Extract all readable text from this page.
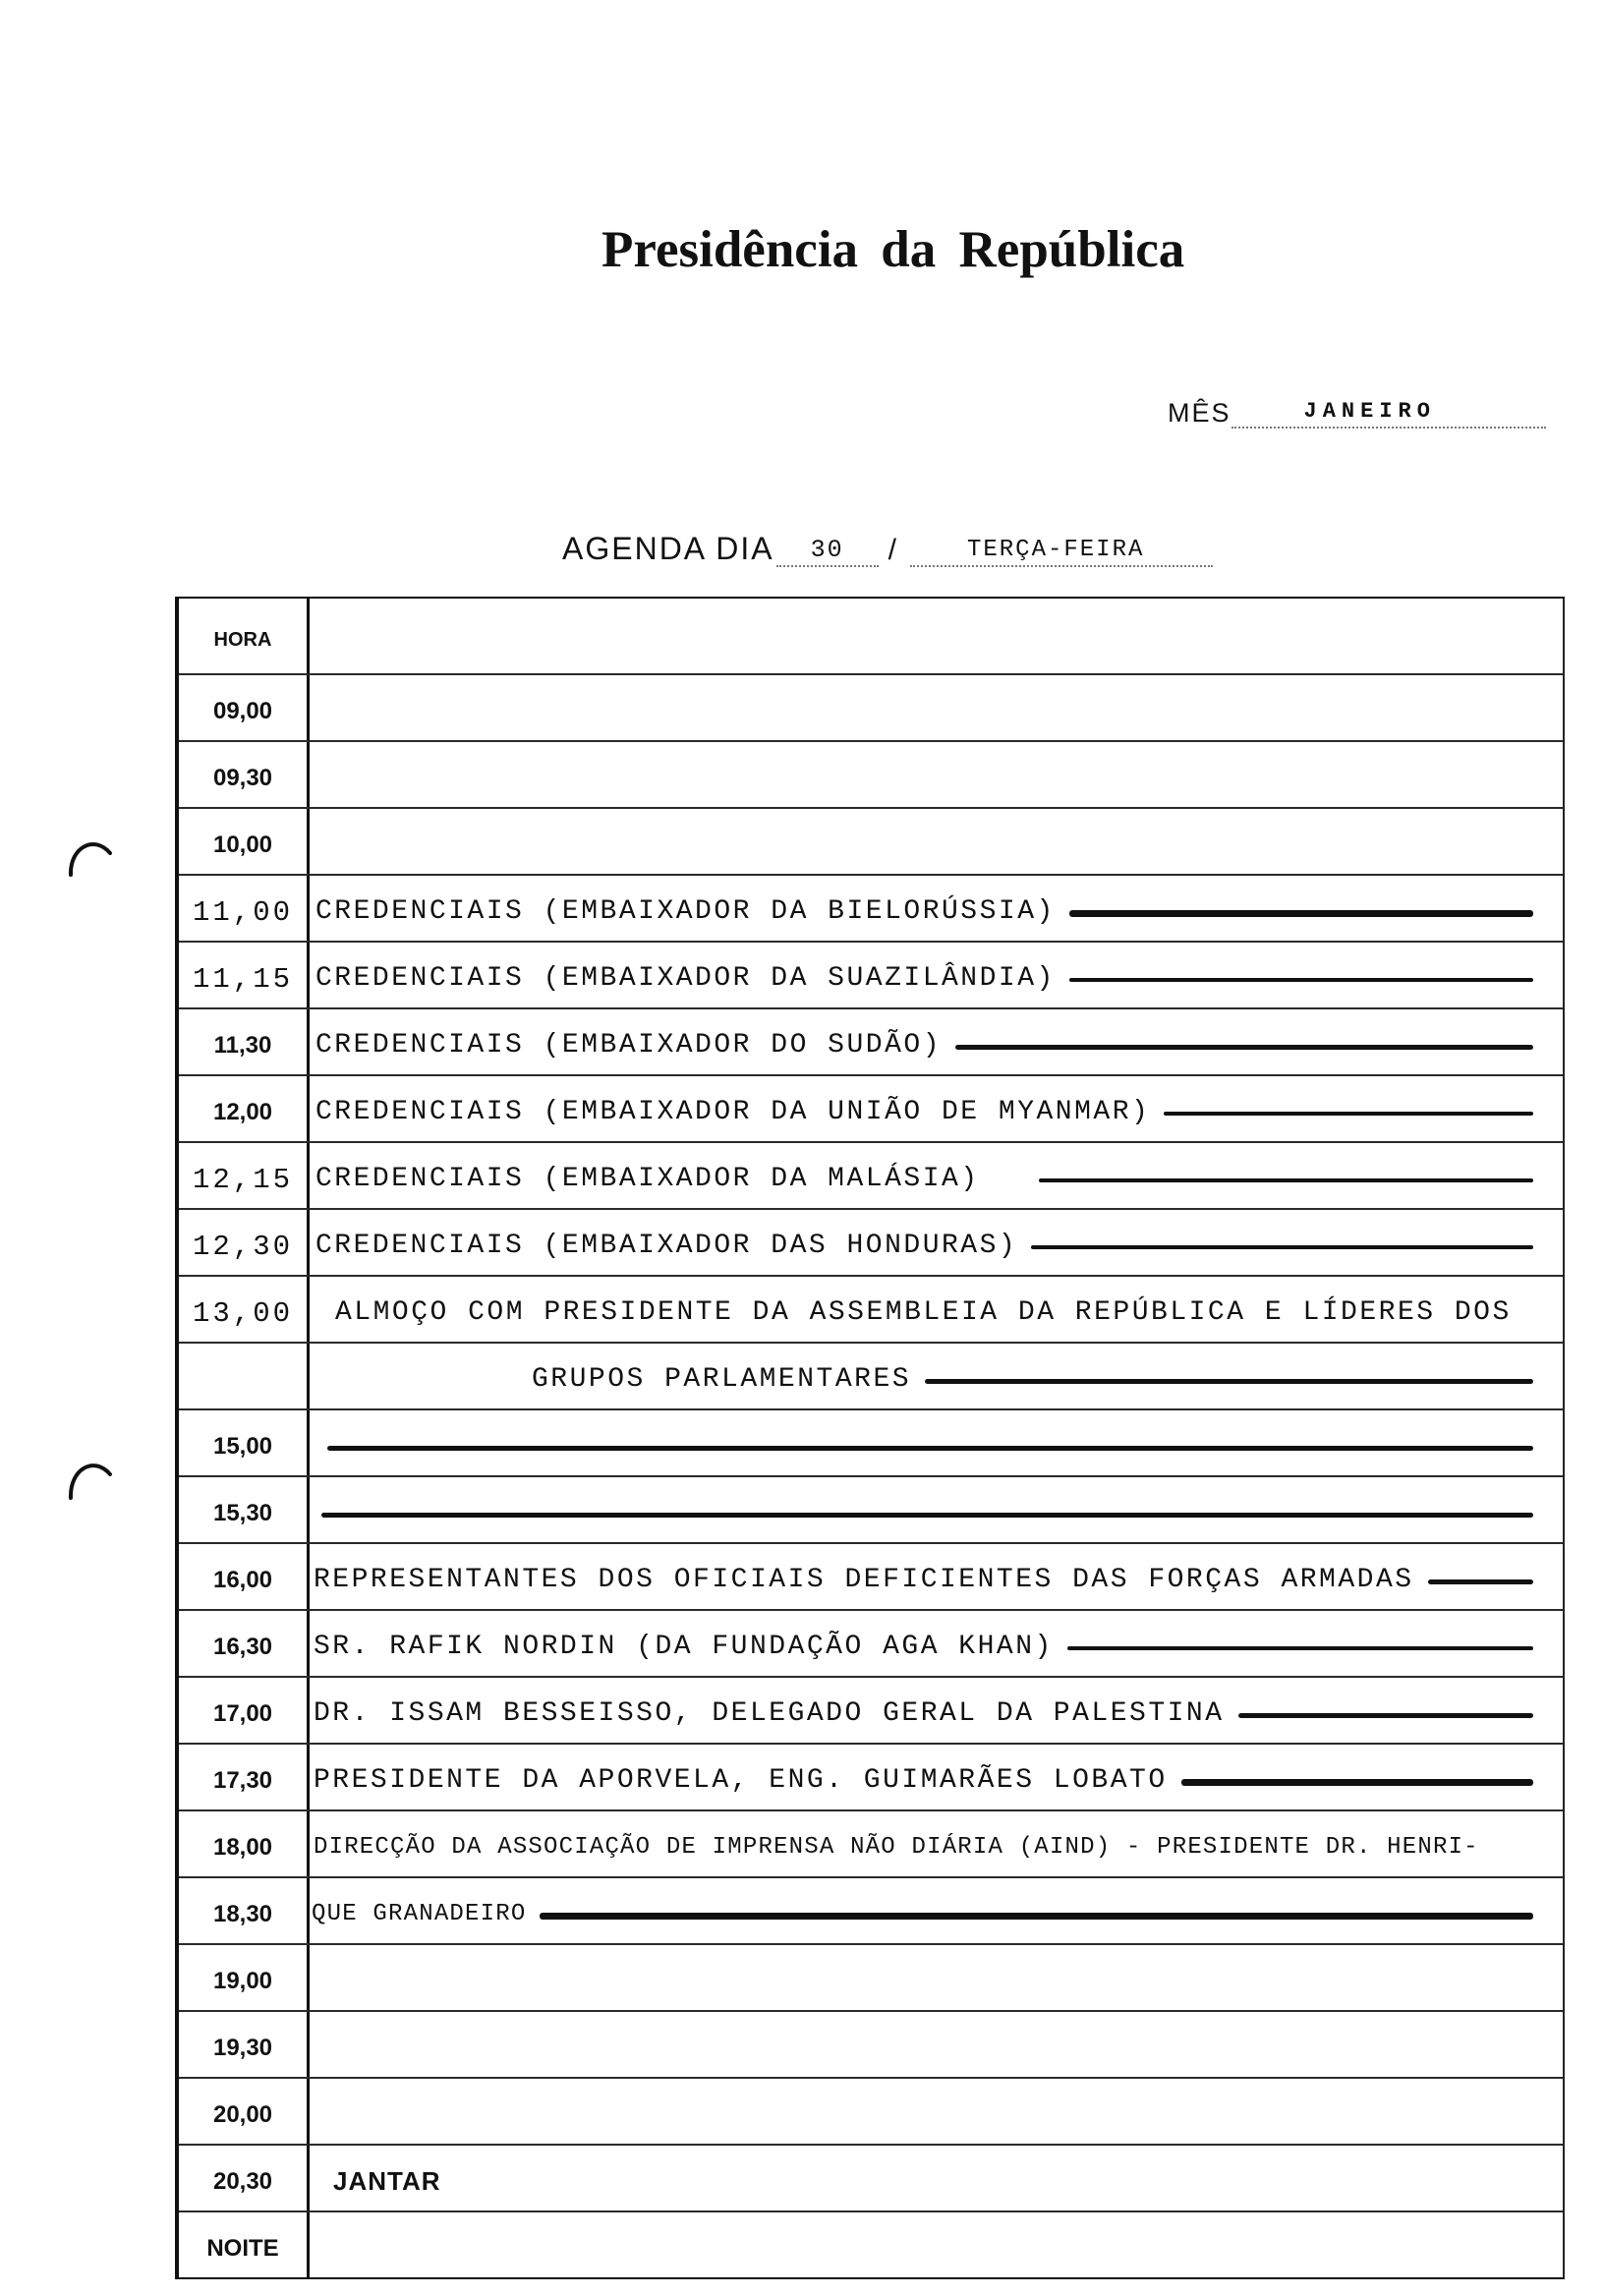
Presidência da República
MÊS	JANEIRO
AGENDA DIA	30	/	TERÇA-FEIRA
HORA
09,00
09,30
10,00
11,00 CREDENCIAIS (EMBAIXADOR DA BIELORÚSSIA)
11,15 CREDENCIAIS (EMBAIXADOR DA SUAZILÂNDIA)
11,30 CREDENCIAIS (EMBAIXADOR DO SUDÃO)
12,00 CREDENCIAIS (EMBAIXADOR DA UNIÃO DE MYANMAR)
12,15 CREDENCIAIS (EMBAIXADOR DA MALÁSIA)
12,30 CREDENCIAIS (EMBAIXADOR DAS HONDURAS)
13,00 ALMOÇO COM PRESIDENTE DA ASSEMBLEIA DA REPÚBLICA E LÍDERES DOS
GRUPOS PARLAMENTARES
15,00
15,30
16,00 REPRESENTANTES DOS OFICIAIS DEFICIENTES DAS FORÇAS ARMADAS
16,30 SR. RAFIK NORDIN (DA FUNDAÇÃO AGA KHAN)
17,00 DR. ISSAM BESSEISSO, DELEGADO GERAL DA PALESTINA
17,30 PRESIDENTE DA APORVELA, ENG. GUIMARÃES LOBATO
18,00 DIRECÇÃO DA ASSOCIAÇÃO DE IMPRENSA NÃO DIÁRIA (AIND) - PRESIDENTE DR. HENRI-
18,30 QUE GRANADEIRO
19,00
19,30
20,00
20,30 JANTAR
NOITE
